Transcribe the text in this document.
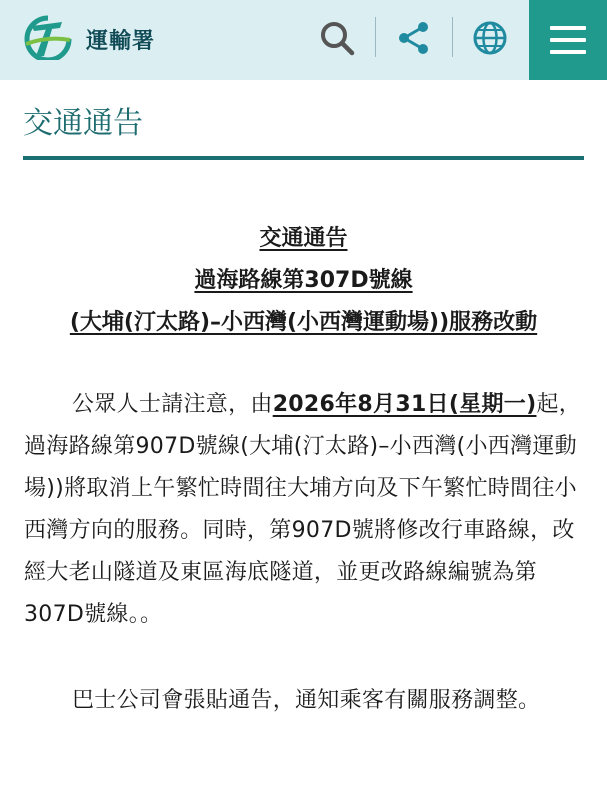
運輸署
交通通告
交通通告
過海路線第307D號線
(大埔(汀太路)–小西灣(小西灣運動場))服務改動
公眾人士請注意，由2026年8月31日(星期一)起，過海路線第907D號線(大埔(汀太路)–小西灣(小西灣運動場))將取消上午繁忙時間往大埔方向及下午繁忙時間往小西灣方向的服務。同時，第907D號將修改行車路線，改經大老山隧道及東區海底隧道，並更改路線編號為第307D號線。。
巴士公司會張貼通告，通知乘客有關服務調整。
